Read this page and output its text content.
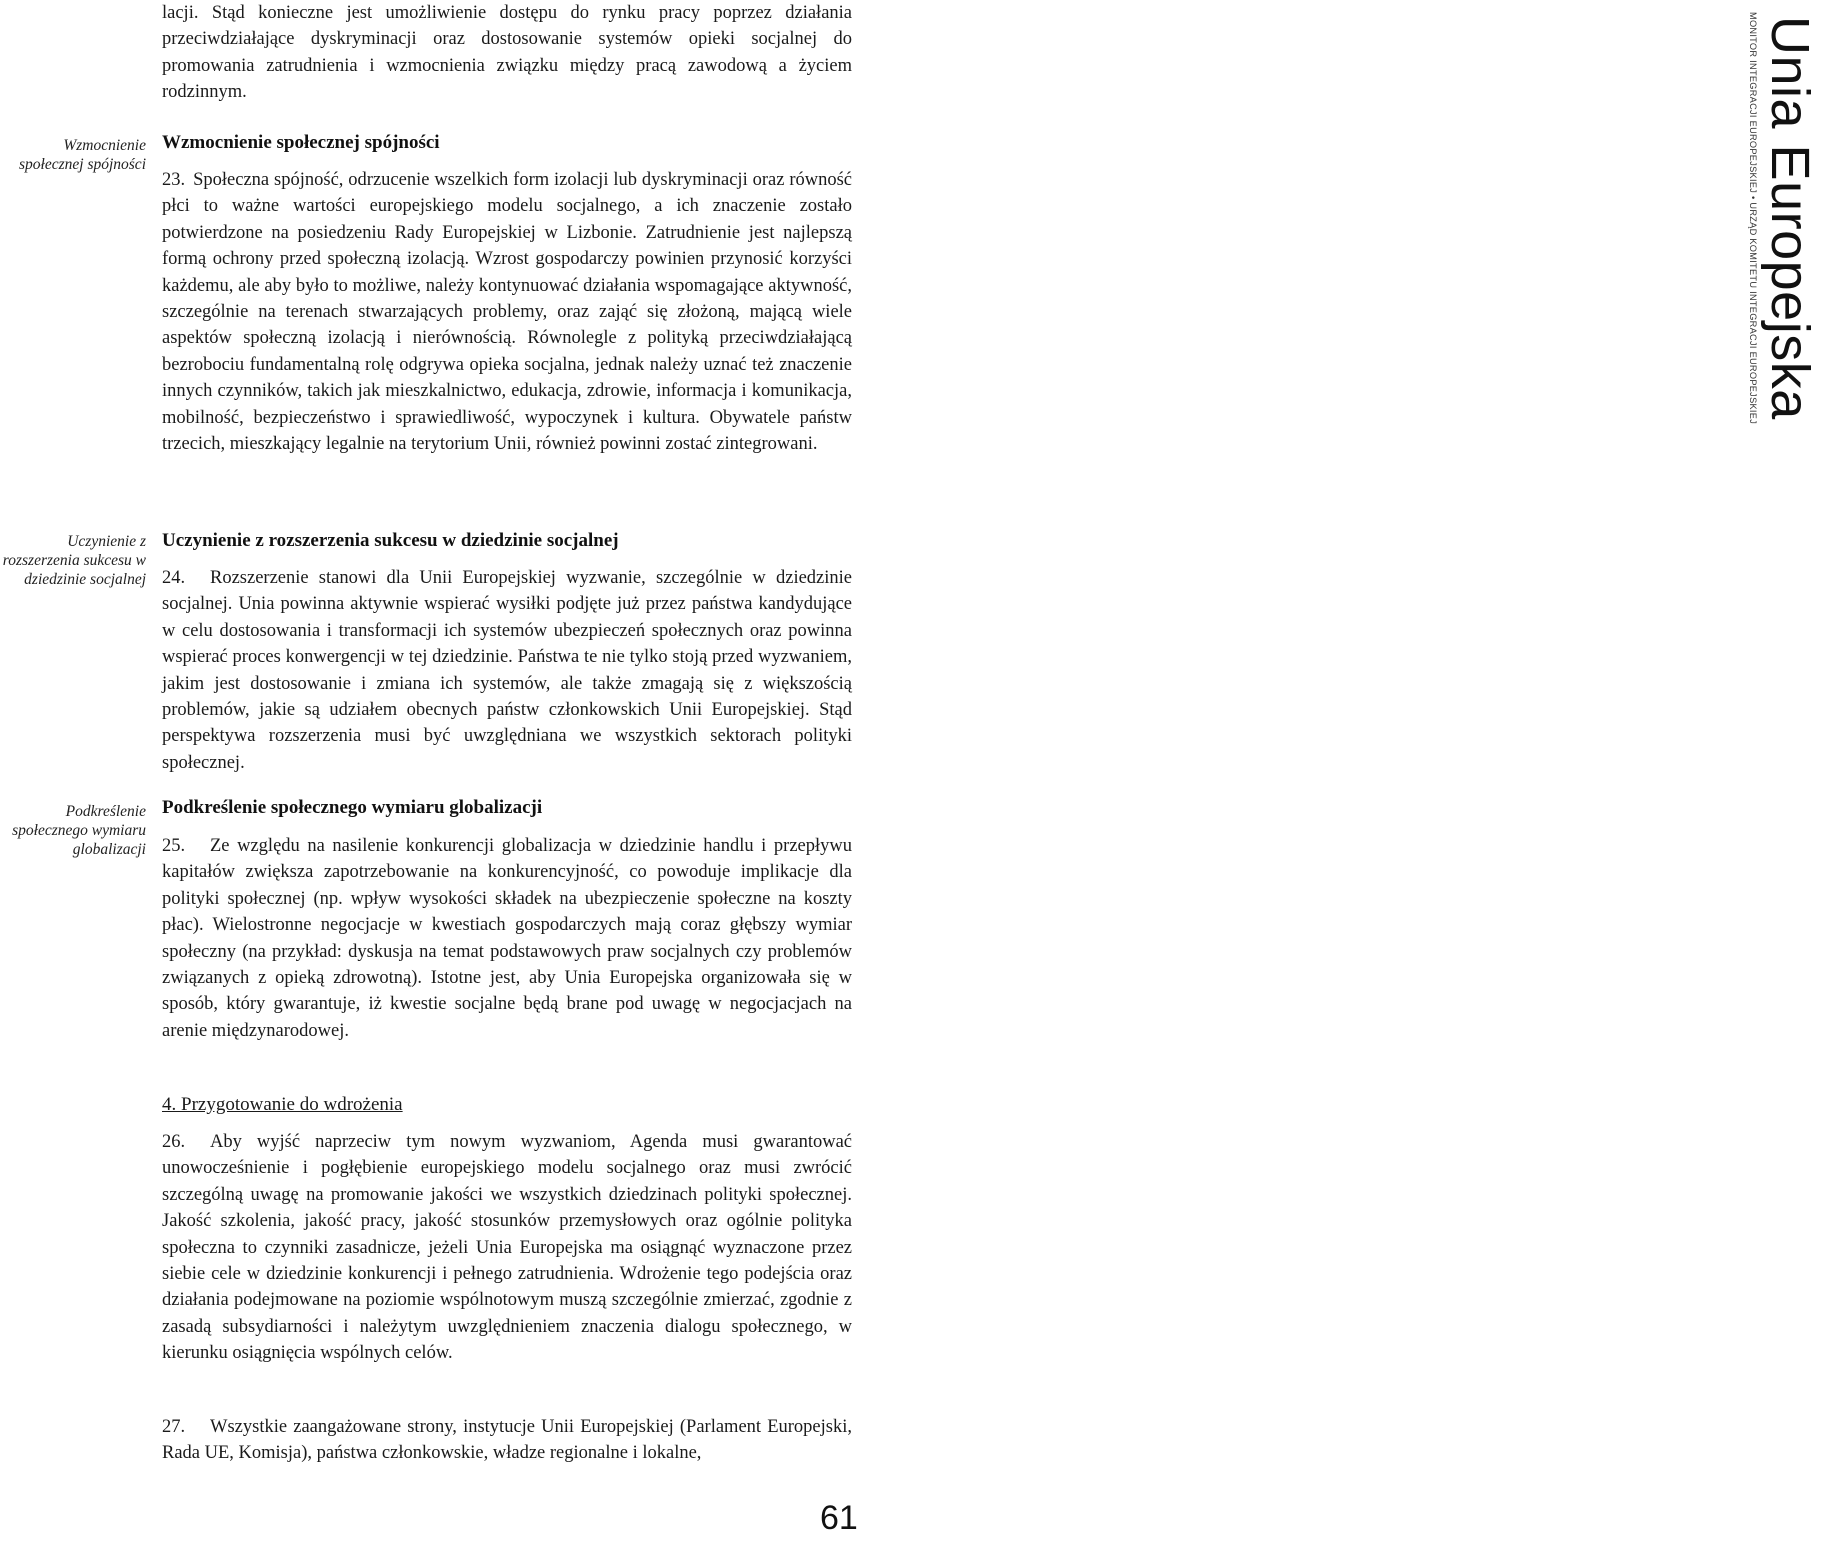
Unia Europejska
MONITOR INTEGRACJI EUROPEJSKIEJ • URZĄD KOMITETU INTEGRACJI EUROPEJSKIEJ

lacji. Stąd konieczne jest umożliwienie dostępu do rynku pracy poprzez działania przeciwdziałające dyskryminacji oraz dostosowanie systemów opieki socjalnej do promowania zatrudnienia i wzmocnienia związku między pracą zawodową a życiem rodzinnym.

Wzmocnienie społecznej spójności
Wzmocnienie społecznej spójności

23. Społeczna spójność, odrzucenie wszelkich form izolacji lub dyskryminacji oraz równość płci to ważne wartości europejskiego modelu socjalnego, a ich znaczenie zostało potwierdzone na posiedzeniu Rady Europejskiej w Lizbonie. Zatrudnienie jest najlepszą formą ochrony przed społeczną izolacją. Wzrost gospodarczy powinien przynosić korzyści każdemu, ale aby było to możliwe, należy kontynuować działania wspomagające aktywność, szczególnie na terenach stwarzających problemy, oraz zająć się złożoną, mającą wiele aspektów społeczną izolacją i nierównością. Równolegle z polityką przeciwdziałającą bezrobociu fundamentalną rolę odgrywa opieka socjalna, jednak należy uznać też znaczenie innych czynników, takich jak mieszkalnictwo, edukacja, zdrowie, informacja i komunikacja, mobilność, bezpieczeństwo i sprawiedliwość, wypoczynek i kultura. Obywatele państw trzecich, mieszkający legalnie na terytorium Unii, również powinni zostać zintegrowani.

Uczynienie z rozszerzenia sukcesu w dziedzinie socjalnej
Uczynienie z rozszerzenia sukcesu w dziedzinie socjalnej

24. Rozszerzenie stanowi dla Unii Europejskiej wyzwanie, szczególnie w dziedzinie socjalnej. Unia powinna aktywnie wspierać wysiłki podjęte już przez państwa kandydujące w celu dostosowania i transformacji ich systemów ubezpieczeń społecznych oraz powinna wspierać proces konwergencji w tej dziedzinie. Państwa te nie tylko stoją przed wyzwaniem, jakim jest dostosowanie i zmiana ich systemów, ale także zmagają się z większością problemów, jakie są udziałem obecnych państw członkowskich Unii Europejskiej. Stąd perspektywa rozszerzenia musi być uwzględniana we wszystkich sektorach polityki społecznej.

Podkreślenie społecznego wymiaru globalizacji
Podkreślenie społecznego wymiaru globalizacji

25. Ze względu na nasilenie konkurencji globalizacja w dziedzinie handlu i przepływu kapitałów zwiększa zapotrzebowanie na konkurencyjność, co powoduje implikacje dla polityki społecznej (np. wpływ wysokości składek na ubezpieczenie społeczne na koszty płac). Wielostronne negocjacje w kwestiach gospodarczych mają coraz głębszy wymiar społeczny (na przykład: dyskusja na temat podstawowych praw socjalnych czy problemów związanych z opieką zdrowotną). Istotne jest, aby Unia Europejska organizowała się w sposób, który gwarantuje, iż kwestie socjalne będą brane pod uwagę w negocjacjach na arenie międzynarodowej.

4. Przygotowanie do wdrożenia

26. Aby wyjść naprzeciw tym nowym wyzwaniom, Agenda musi gwarantować unowocześnienie i pogłębienie europejskiego modelu socjalnego oraz musi zwrócić szczególną uwagę na promowanie jakości we wszystkich dziedzinach polityki społecznej. Jakość szkolenia, jakość pracy, jakość stosunków przemysłowych oraz ogólnie polityka społeczna to czynniki zasadnicze, jeżeli Unia Europejska ma osiągnąć wyznaczone przez siebie cele w dziedzinie konkurencji i pełnego zatrudnienia. Wdrożenie tego podejścia oraz działania podejmowane na poziomie wspólnotowym muszą szczególnie zmierzać, zgodnie z zasadą subsydiarności i należytym uwzględnieniem znaczenia dialogu społecznego, w kierunku osiągnięcia wspólnych celów.

27. Wszystkie zaangażowane strony, instytucje Unii Europejskiej (Parlament Europejski, Rada UE, Komisja), państwa członkowskie, władze regionalne i lokalne,

61
